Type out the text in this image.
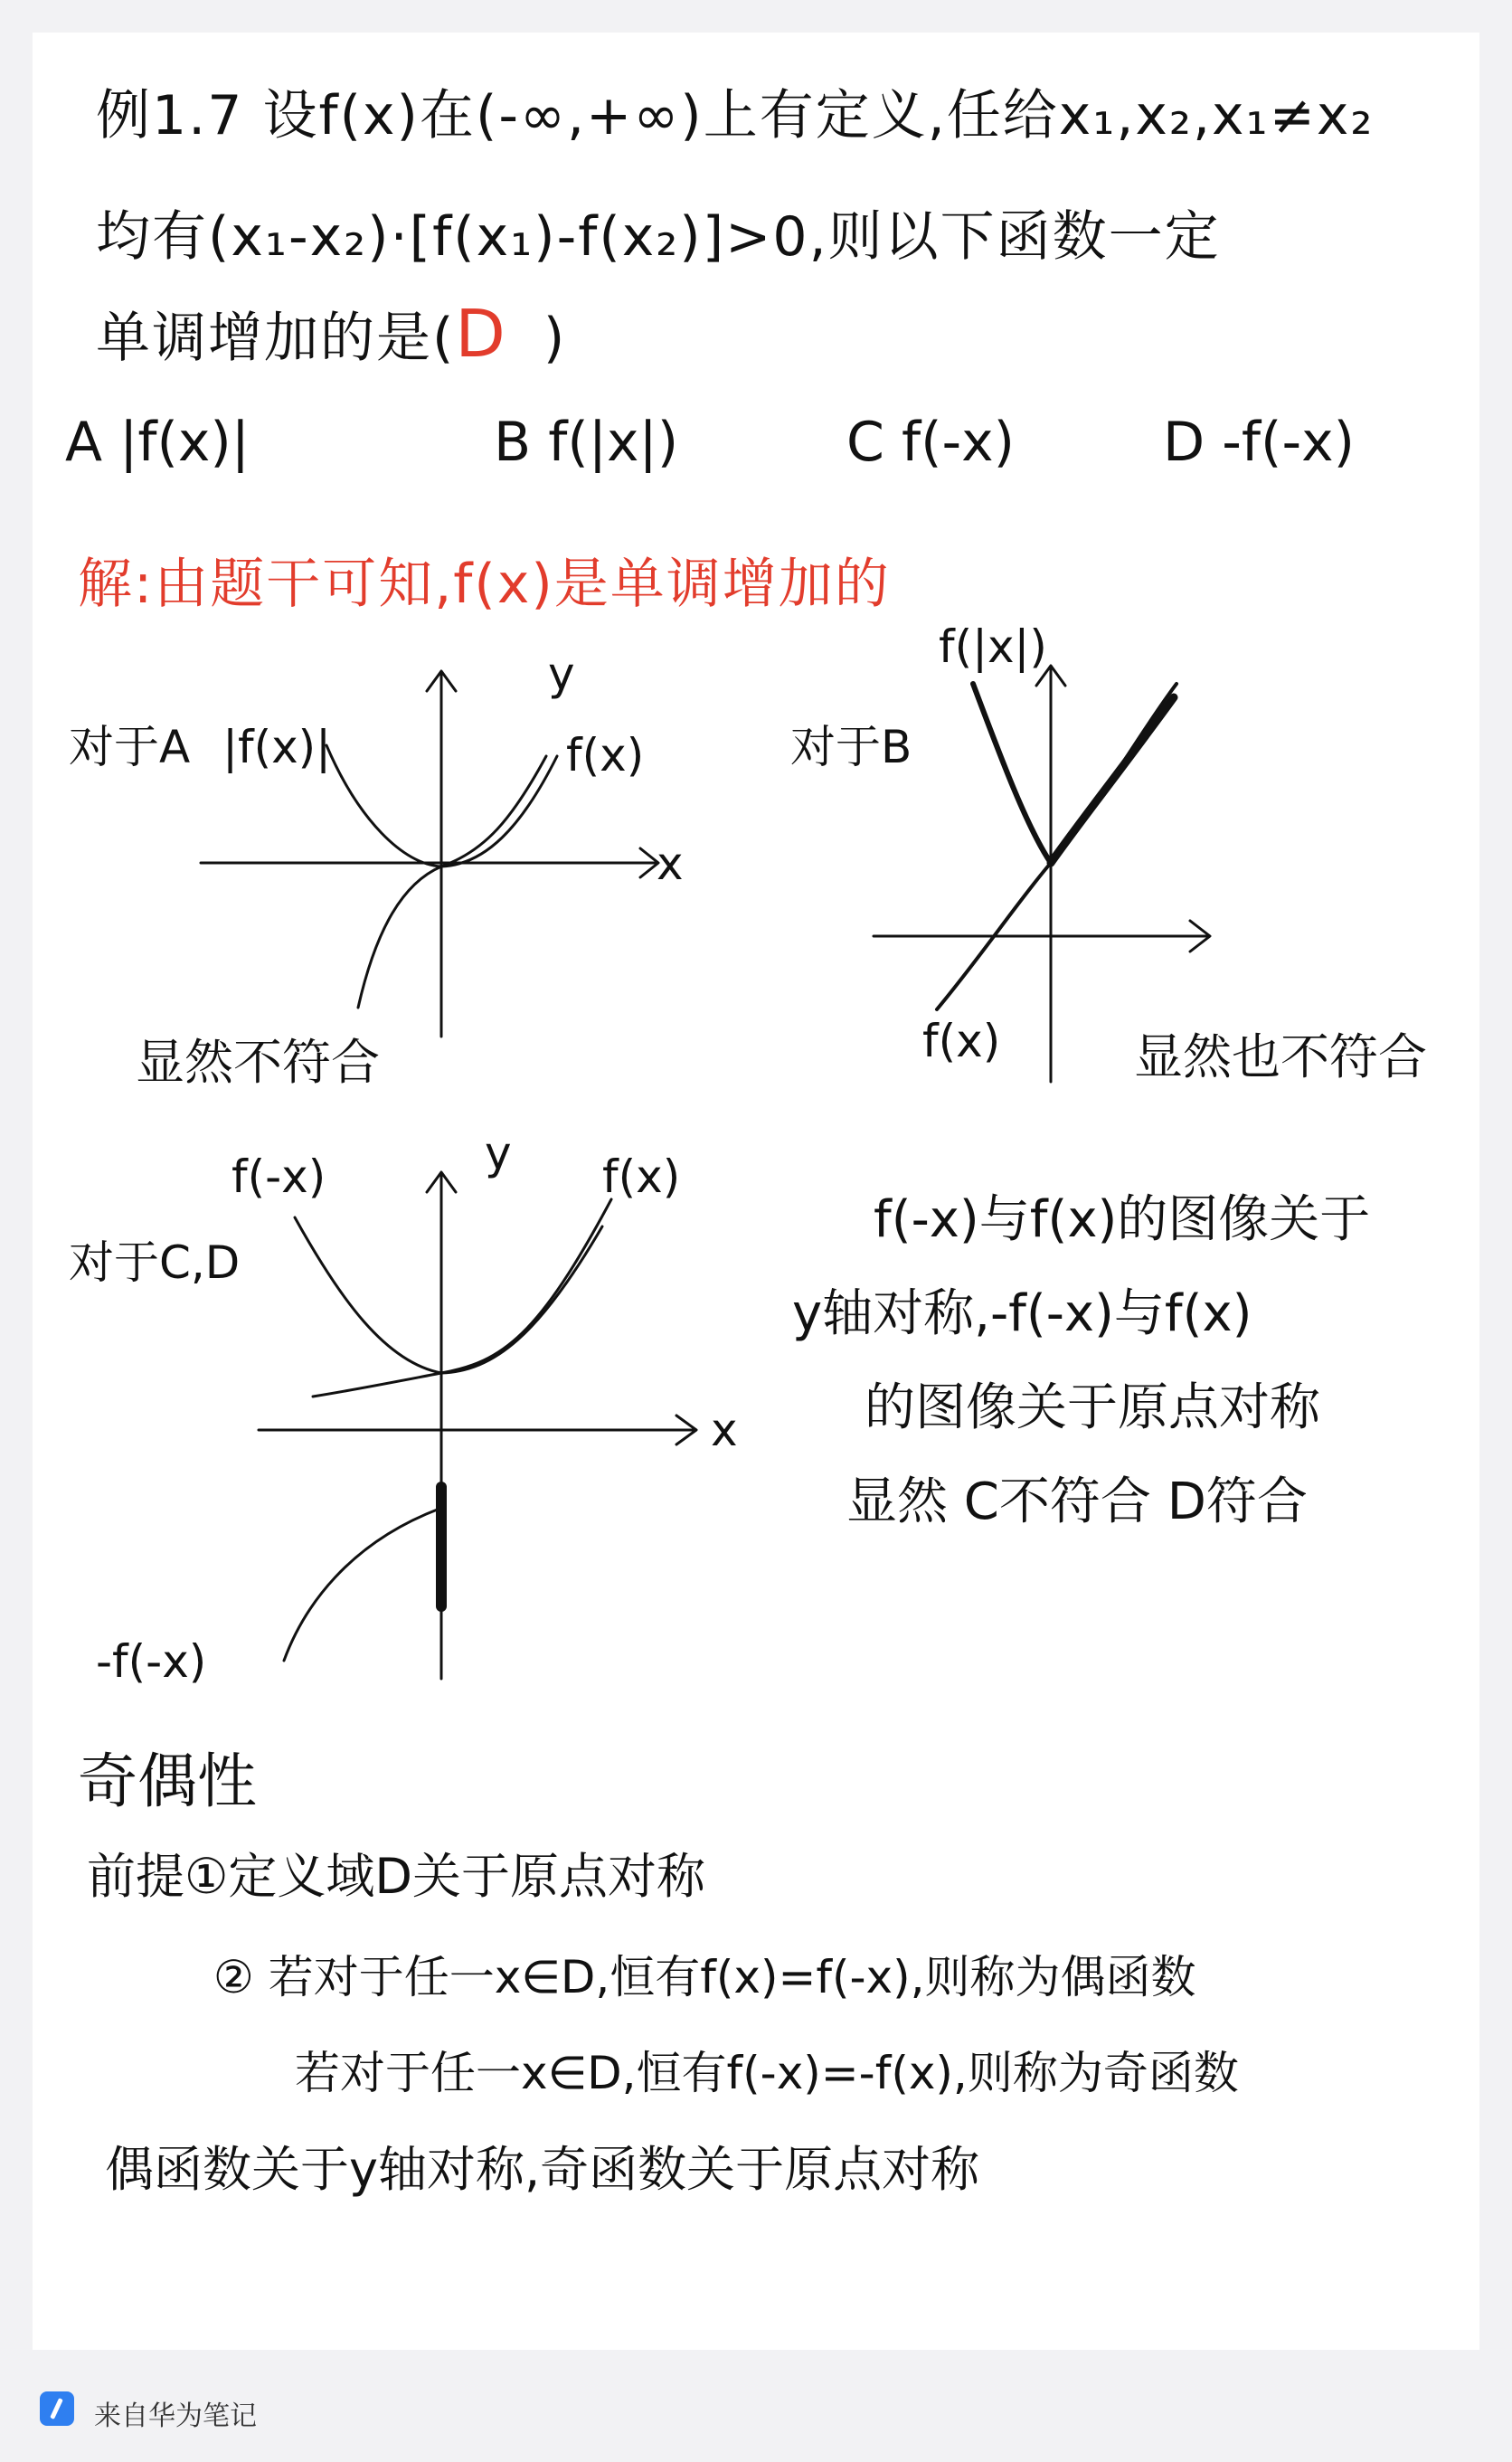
例1.7 设f(x)在(-∞,+∞)上有定义,任给x₁,x₂,x₁≠x₂
均有(x₁-x₂)·[f(x₁)-f(x₂)]>0,则以下函数一定
单调增加的是(D )
A |f(x)|	B f(|x|)	C f(-x)	D -f(-x)
解:由题干可知,f(x)是单调增加的
对于A |f(x)|
y
f(x)
x
显然不符合
对于B
f(|x|)
f(x)	显然也不符合
对于C,D
f(-x)	y f(x)
x
-f(-x)
f(-x)与f(x)的图像关于
y轴对称,-f(-x)与f(x)
的图像关于原点对称
显然 C不符合 D符合
奇偶性
前提①定义域D关于原点对称
② 若对于任一x∈D,恒有f(x)=f(-x),则称为偶函数
若对于任一x∈D,恒有f(-x)=-f(x),则称为奇函数
偶函数关于y轴对称,奇函数关于原点对称
来自华为笔记
